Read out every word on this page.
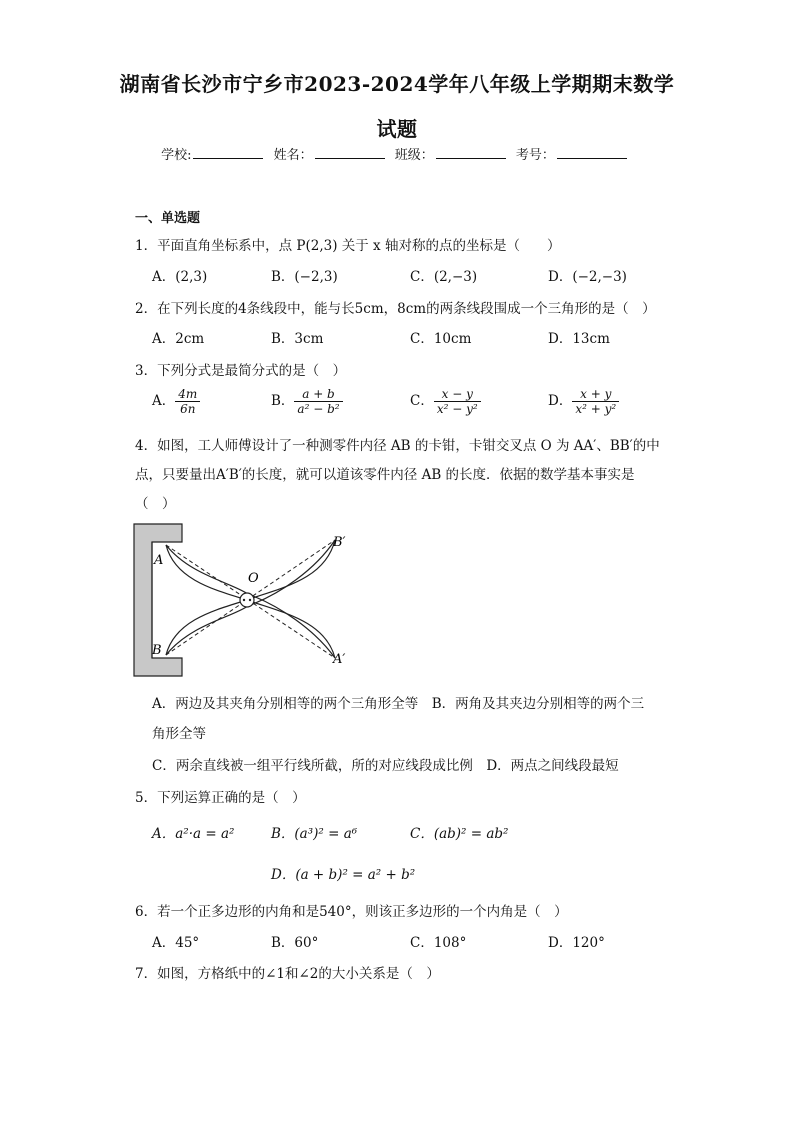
湖南省长沙市宁乡市2023-2024学年八年级上学期期末数学
试题
学校:	姓名：	班级：	考号：
一、单选题
1．平面直角坐标系中，点 P(2,3) 关于 x 轴对称的点的坐标是（　　）
A．(2,3)	B．(−2,3)	C．(2,−3)	D．(−2,−3)
2．在下列长度的4条线段中，能与长5cm，8cm的两条线段围成一个三角形的是（　）
A．2cm	B．3cm	C．10cm	D．13cm
3．下列分式是最简分式的是（　）
A． $\frac{4m}{6n}$	B． $\frac{a + b}{\text{a² − b²}}$	C． $\frac{x - y}{\text{x² − y²}}$	D． $\frac{x + y}{\text{x² + y²}}$
4．如图，工人师傅设计了一种测零件内径 AB 的卡钳，卡钳交叉点 O 为 AA′、BB′的中
点，只要量出A′B′的长度，就可以道该零件内径 AB 的长度．依据的数学基本事实是
（　）
A
B
O
B′
A′
A．两边及其夹角分别相等的两个三角形全等　B．两角及其夹边分别相等的两个三
角形全等
C．两余直线被一组平行线所截，所的对应线段成比例　D．两点之间线段最短
5．下列运算正确的是（　）
A．a²·a = a²	B．(a³)² = a⁶	C．(ab)² = ab²
D．(a + b)² = a² + b²
6．若一个正多边形的内角和是540°，则该正多边形的一个内角是（　）
A．45°	B．60°	C．108°	D．120°
7．如图，方格纸中的∠1和∠2的大小关系是（　）
